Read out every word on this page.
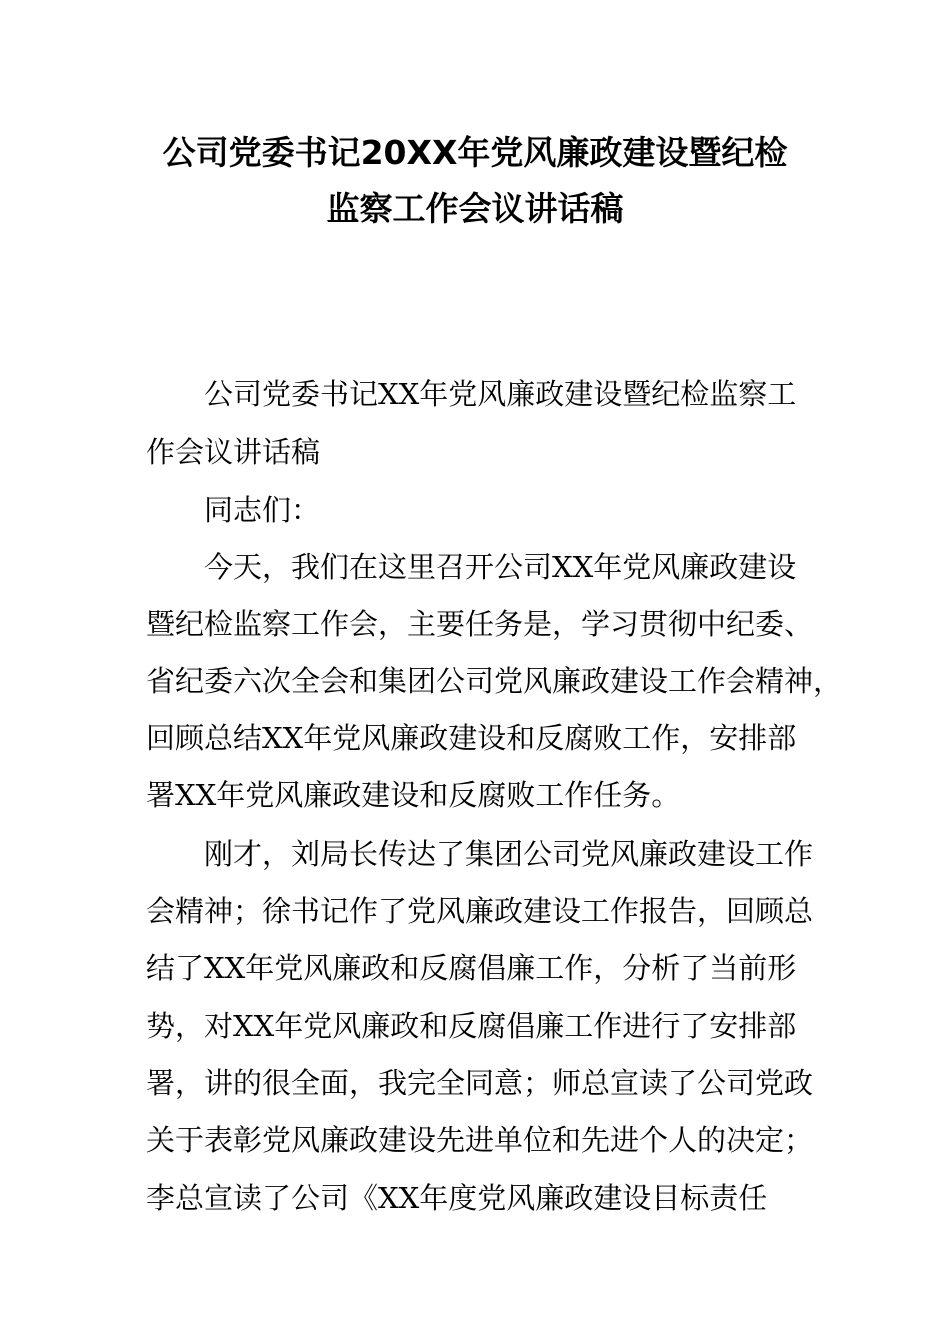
公司党委书记20XX年党风廉政建设暨纪检
监察工作会议讲话稿
公司党委书记XX年党风廉政建设暨纪检监察工
作会议讲话稿
同志们：
今天，我们在这里召开公司XX年党风廉政建设
暨纪检监察工作会，主要任务是，学习贯彻中纪委、
省纪委六次全会和集团公司党风廉政建设工作会精神，
回顾总结XX年党风廉政建设和反腐败工作，安排部
署XX年党风廉政建设和反腐败工作任务。
刚才，刘局长传达了集团公司党风廉政建设工作
会精神；徐书记作了党风廉政建设工作报告，回顾总
结了XX年党风廉政和反腐倡廉工作，分析了当前形
势，对XX年党风廉政和反腐倡廉工作进行了安排部
署，讲的很全面，我完全同意；师总宣读了公司党政
关于表彰党风廉政建设先进单位和先进个人的决定；
李总宣读了公司《XX年度党风廉政建设目标责任
